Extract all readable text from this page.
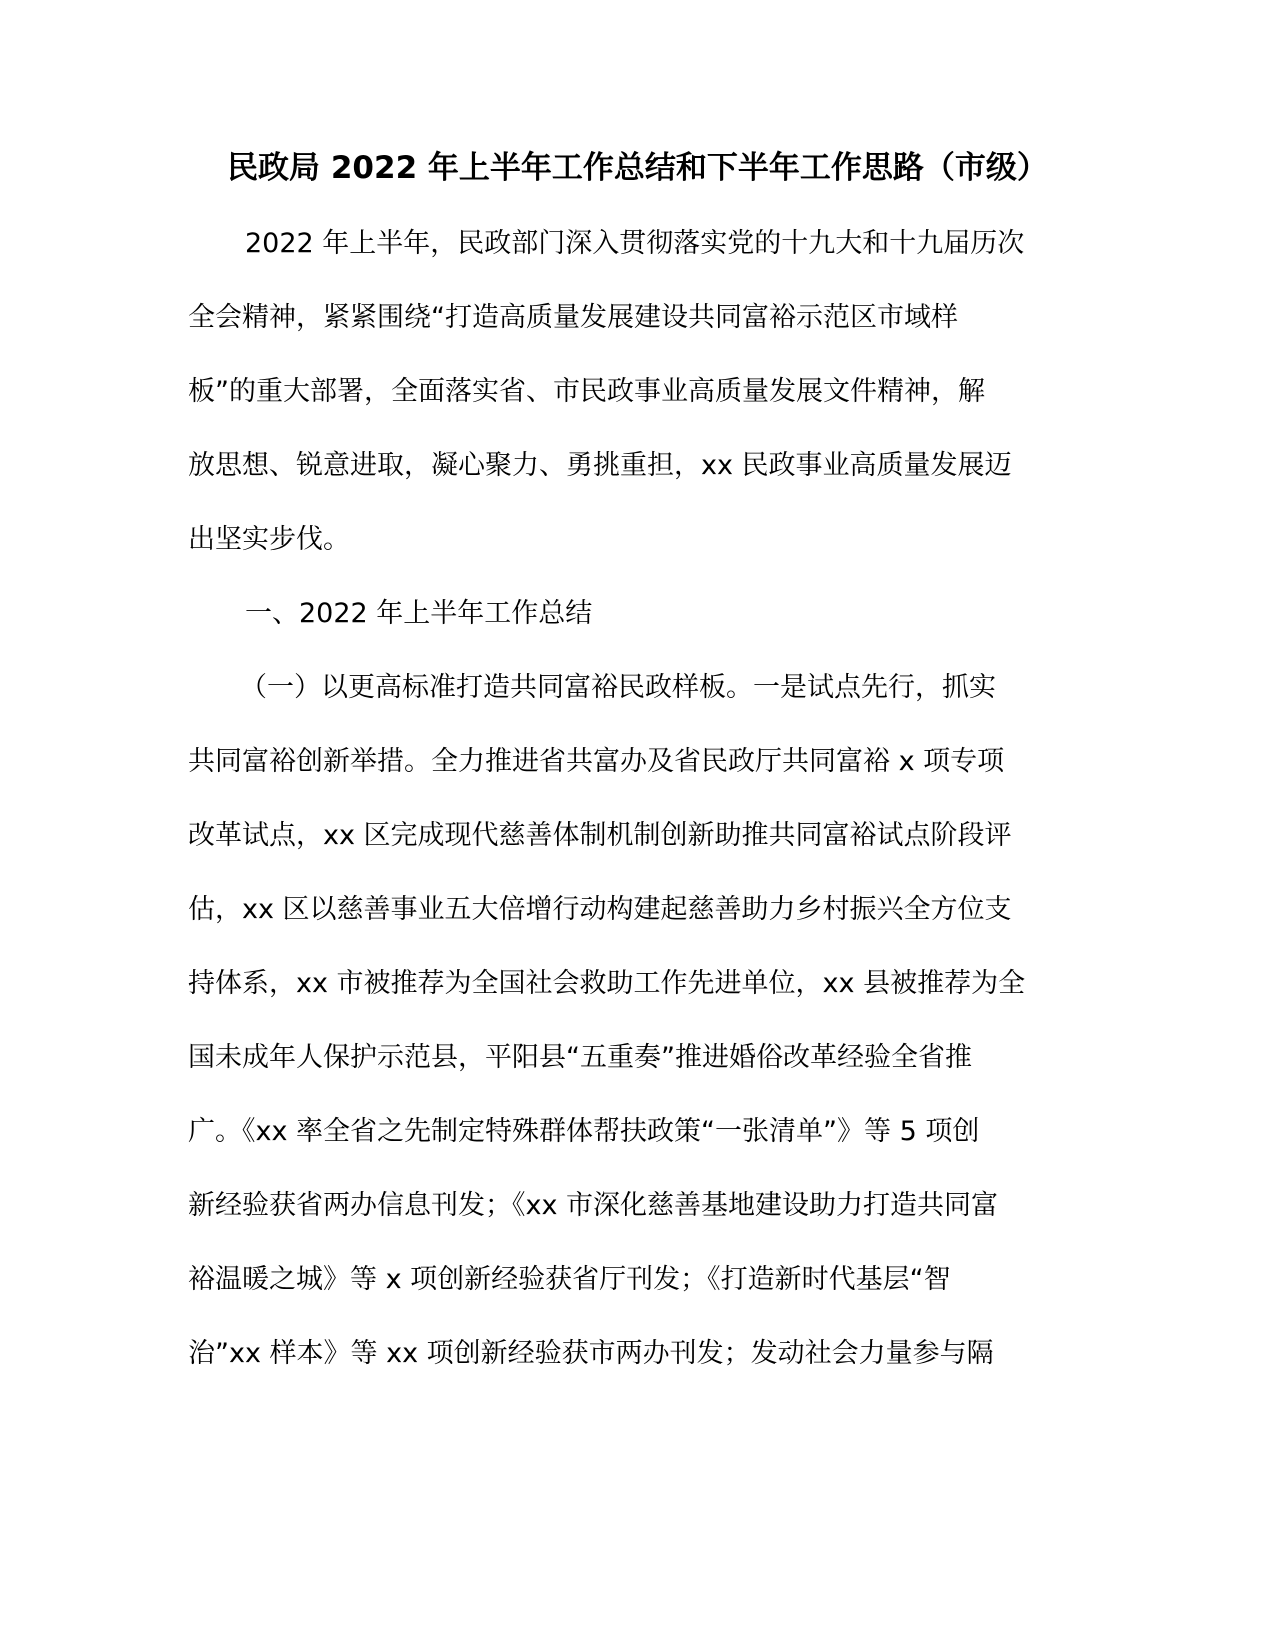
民政局 2022 年上半年工作总结和下半年工作思路（市级）

2022 年上半年，民政部门深入贯彻落实党的十九大和十九届历次

全会精神，紧紧围绕“打造高质量发展建设共同富裕示范区市域样

板”的重大部署，全面落实省、市民政事业高质量发展文件精神，解

放思想、锐意进取，凝心聚力、勇挑重担，xx 民政事业高质量发展迈

出坚实步伐。

一、2022 年上半年工作总结

（一）以更高标准打造共同富裕民政样板。一是试点先行，抓实

共同富裕创新举措。全力推进省共富办及省民政厅共同富裕 x 项专项

改革试点，xx 区完成现代慈善体制机制创新助推共同富裕试点阶段评

估，xx 区以慈善事业五大倍增行动构建起慈善助力乡村振兴全方位支

持体系，xx 市被推荐为全国社会救助工作先进单位，xx 县被推荐为全

国未成年人保护示范县，平阳县“五重奏”推进婚俗改革经验全省推

广。《xx 率全省之先制定特殊群体帮扶政策“一张清单”》等 5 项创

新经验获省两办信息刊发；《xx 市深化慈善基地建设助力打造共同富

裕温暖之城》等 x 项创新经验获省厅刊发；《打造新时代基层“智

治”xx 样本》等 xx 项创新经验获市两办刊发；发动社会力量参与隔
